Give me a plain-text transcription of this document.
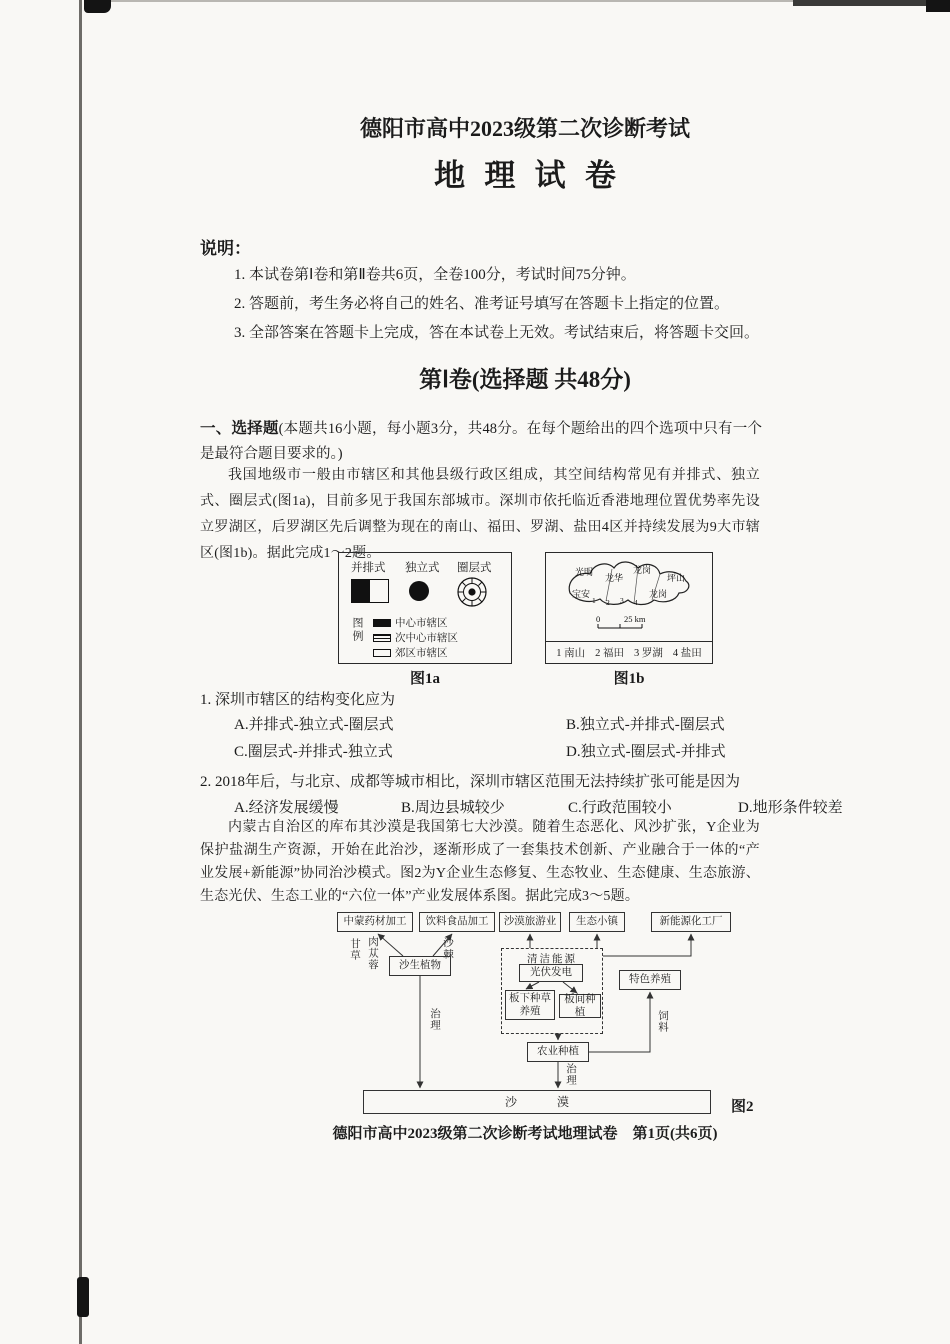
德阳市高中2023级第二次诊断考试
地理试卷
说明：

1. 本试卷第Ⅰ卷和第Ⅱ卷共6页，全卷100分，考试时间75分钟。

2. 答题前，考生务必将自己的姓名、准考证号填写在答题卡上指定的位置。

3. 全部答案在答题卡上完成，答在本试卷上无效。考试结束后，将答题卡交回。

第Ⅰ卷(选择题 共48分)
一、选择题(本题共16小题，每小题3分，共48分。在每个题给出的四个选项中只有一个是最符合题目要求的。)
我国地级市一般由市辖区和其他县级行政区组成，其空间结构常见有并排式、独立式、圈层式(图1a)，目前多见于我国东部城市。深圳市依托临近香港地理位置优势率先设立罗湖区，后罗湖区先后调整为现在的南山、福田、罗湖、盐田4区并持续发展为9大市辖区(图1b)。据此完成1～2题。
并排式 独立式 圈层式
图例	中心市辖区
次中心市辖区
郊区市辖区
光明
龙华
龙岗
坪山
宝安	龙岗
1 2 3 4
0	25 km
1 南山 2 福田 3 罗湖 4 盐田
图1a	图1b
1. 深圳市辖区的结构变化应为
A.并排式-独立式-圈层式	B.独立式-并排式-圈层式
C.圈层式-并排式-独立式	D.独立式-圈层式-并排式
2. 2018年后，与北京、成都等城市相比，深圳市辖区范围无法持续扩张可能是因为
A.经济发展缓慢	B.周边县城较少	C.行政范围较小	D.地形条件较差
内蒙古自治区的库布其沙漠是我国第七大沙漠。随着生态恶化、风沙扩张，Y企业为保护盐湖生产资源，开始在此治沙，逐渐形成了一套集技术创新、产业融合于一体的“产业发展+新能源”协同治沙模式。图2为Y企业生态修复、生态牧业、生态健康、生态旅游、生态光伏、生态工业的“六位一体”产业发展体系图。据此完成3～5题。
中蒙药材加工	饮料食品加工	沙漠旅游业	生态小镇	新能源化工厂
甘草 肉苁蓉	沙棘
沙生植物
清洁能源
光伏发电
板下种草养殖
板间种植
特色养殖
农业种植
治理	饲料
治理
沙漠	图2
德阳市高中2023级第二次诊断考试地理试卷　第1页(共6页)
